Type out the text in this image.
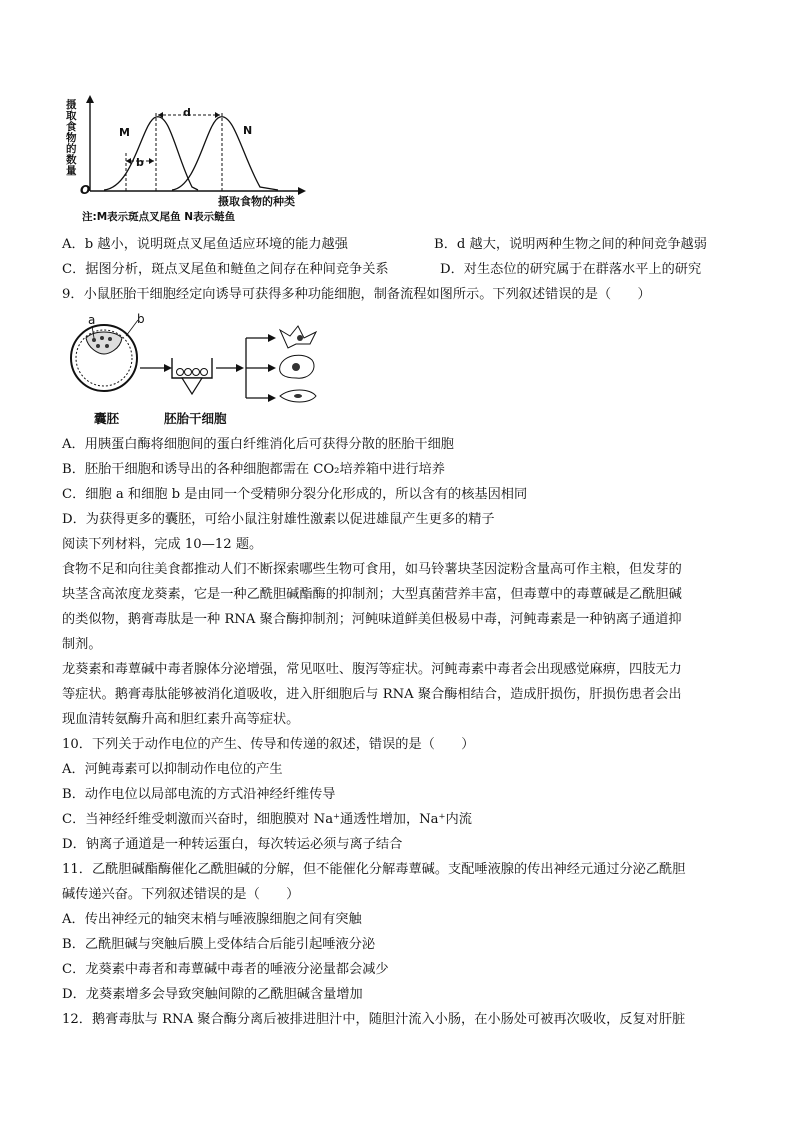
摄取食物的数量
O
M	N
d
b
摄取食物的种类
注:M表示斑点叉尾鱼 N表示鲢鱼
A．b 越小，说明斑点叉尾鱼适应环境的能力越强	B．d 越大，说明两种生物之间的种间竞争越弱
C．据图分析，斑点叉尾鱼和鲢鱼之间存在种间竞争关系	D．对生态位的研究属于在群落水平上的研究
9．小鼠胚胎干细胞经定向诱导可获得多种功能细胞，制备流程如图所示。下列叙述错误的是（　　）
a	b
囊胚	胚胎干细胞
A．用胰蛋白酶将细胞间的蛋白纤维消化后可获得分散的胚胎干细胞
B．胚胎干细胞和诱导出的各种细胞都需在 CO₂培养箱中进行培养
C．细胞 a 和细胞 b 是由同一个受精卵分裂分化形成的，所以含有的核基因相同
D．为获得更多的囊胚，可给小鼠注射雄性激素以促进雄鼠产生更多的精子
阅读下列材料，完成 10—12 题。
食物不足和向往美食都推动人们不断探索哪些生物可食用，如马铃薯块茎因淀粉含量高可作主粮，但发芽的
块茎含高浓度龙葵素，它是一种乙酰胆碱酯酶的抑制剂；大型真菌营养丰富，但毒蕈中的毒蕈碱是乙酰胆碱
的类似物，鹅膏毒肽是一种 RNA 聚合酶抑制剂；河鲀味道鲜美但极易中毒，河鲀毒素是一种钠离子通道抑
制剂。
龙葵素和毒蕈碱中毒者腺体分泌增强，常见呕吐、腹泻等症状。河鲀毒素中毒者会出现感觉麻痹，四肢无力
等症状。鹅膏毒肽能够被消化道吸收，进入肝细胞后与 RNA 聚合酶相结合，造成肝损伤，肝损伤患者会出
现血清转氨酶升高和胆红素升高等症状。
10．下列关于动作电位的产生、传导和传递的叙述，错误的是（　　）
A．河鲀毒素可以抑制动作电位的产生
B．动作电位以局部电流的方式沿神经纤维传导
C．当神经纤维受刺激而兴奋时，细胞膜对 Na⁺通透性增加，Na⁺内流
D．钠离子通道是一种转运蛋白，每次转运必须与离子结合
11．乙酰胆碱酯酶催化乙酰胆碱的分解，但不能催化分解毒蕈碱。支配唾液腺的传出神经元通过分泌乙酰胆
碱传递兴奋。下列叙述错误的是（　　）
A．传出神经元的轴突末梢与唾液腺细胞之间有突触
B．乙酰胆碱与突触后膜上受体结合后能引起唾液分泌
C．龙葵素中毒者和毒蕈碱中毒者的唾液分泌量都会减少
D．龙葵素增多会导致突触间隙的乙酰胆碱含量增加
12．鹅膏毒肽与 RNA 聚合酶分离后被排进胆汁中，随胆汁流入小肠，在小肠处可被再次吸收，反复对肝脏
